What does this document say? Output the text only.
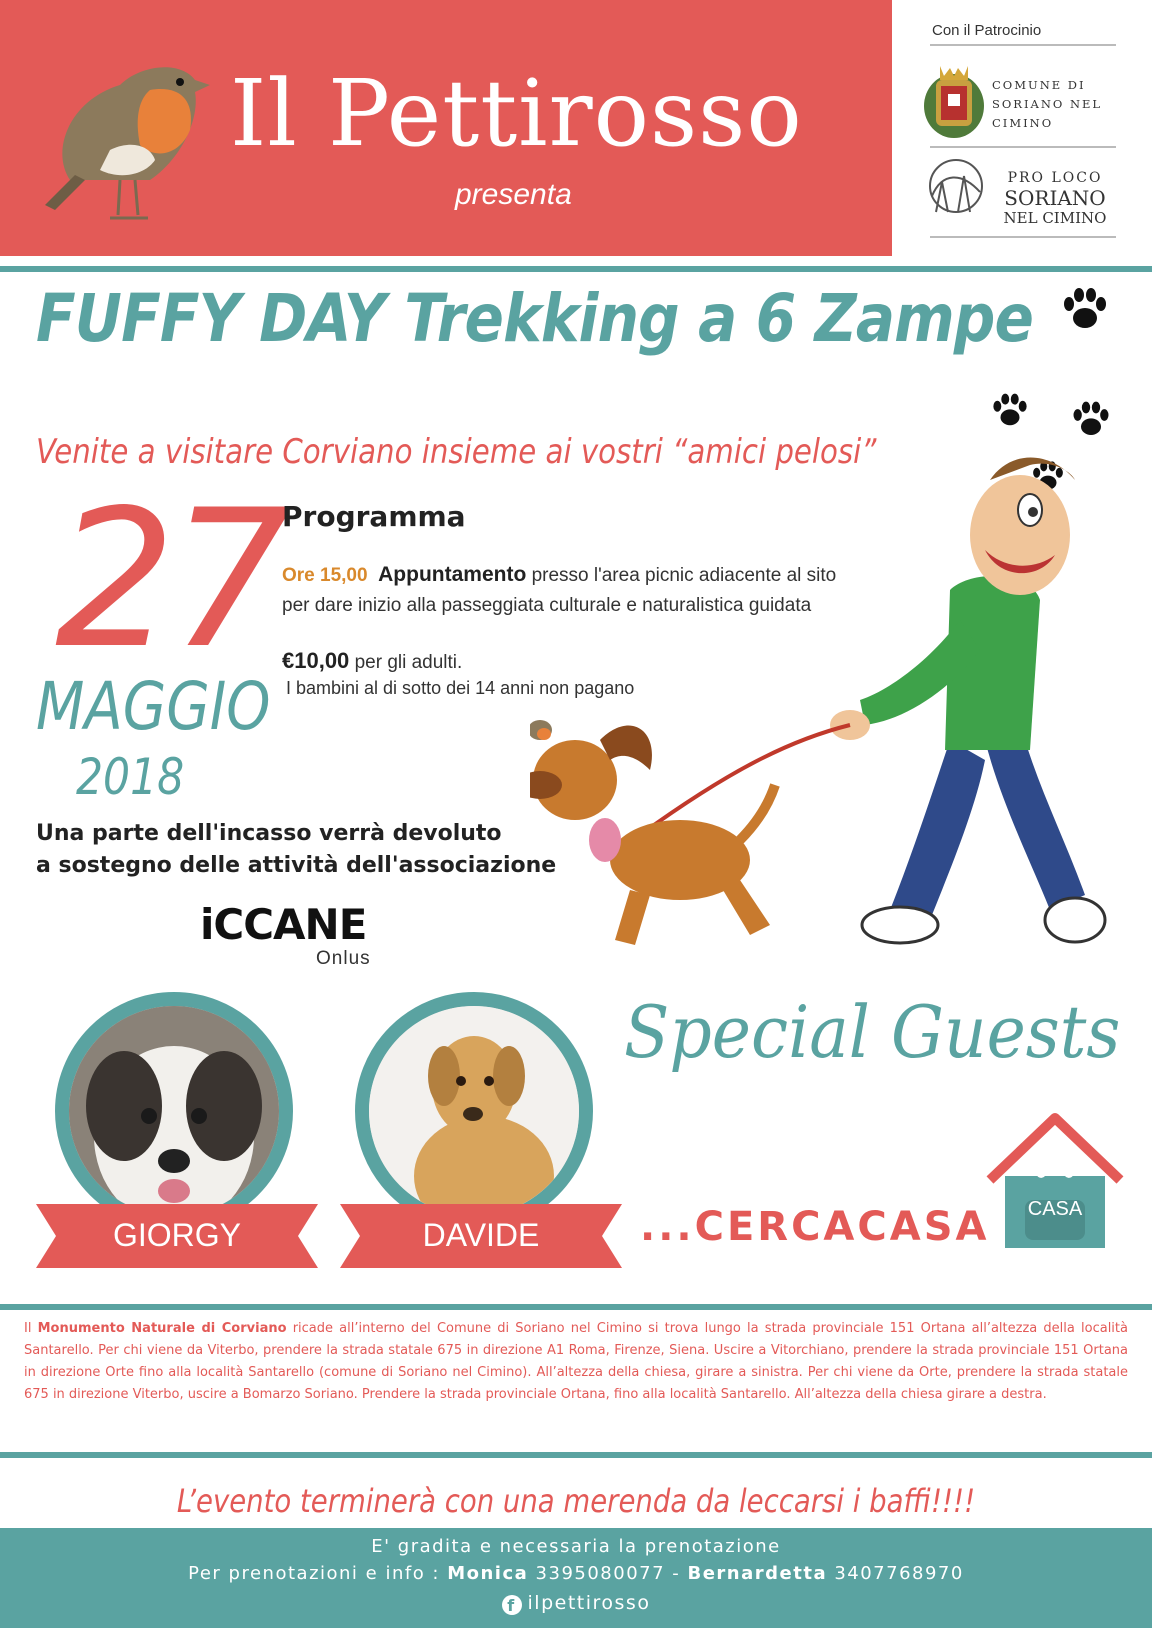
Il Pettirosso
presenta
Con il Patrocinio
COMUNE DI SORIANO NEL CIMINO
PRO LOCO
SORIANO
NEL CIMINO
FUFFY DAY Trekking a 6 Zampe
Venite a visitare Corviano insieme ai vostri “amici pelosi”
27
MAGGIO
2018
Programma
Ore 15,00 Appuntamento presso l'area picnic adiacente al sito
per dare inizio alla passeggiata culturale e naturalistica guidata
€10,00 per gli adulti.
I bambini al di sotto dei 14 anni non pagano
Una parte dell'incasso verrà devoluto
a sostegno delle attività dell'associazione
iCCANE
Onlus
Special Guests
GIORGY	DAVIDE	...CERCACASA CASA
Il Monumento Naturale di Corviano ricade all’interno del Comune di Soriano nel Cimino si trova lungo la strada provinciale 151 Ortana all’altezza della località Santarello. Per chi viene da Viterbo, prendere la strada statale 675 in direzione A1 Roma, Firenze, Siena. Uscire a Vitorchiano, prendere la strada provinciale 151 Ortana in direzione Orte fino alla località Santarello (comune di Soriano nel Cimino). All’altezza della chiesa, girare a sinistra. Per chi viene da Orte, prendere la strada statale 675 in direzione Viterbo, uscire a Bomarzo Soriano. Prendere la strada provinciale Ortana, fino alla località Santarello. All’altezza della chiesa girare a destra.
L’evento terminerà con una merenda da leccarsi i baffi!!!!
E' gradita e necessaria la prenotazione
Per prenotazioni e info : Monica 3395080077 - Bernardetta 3407768970
f ilpettirosso
